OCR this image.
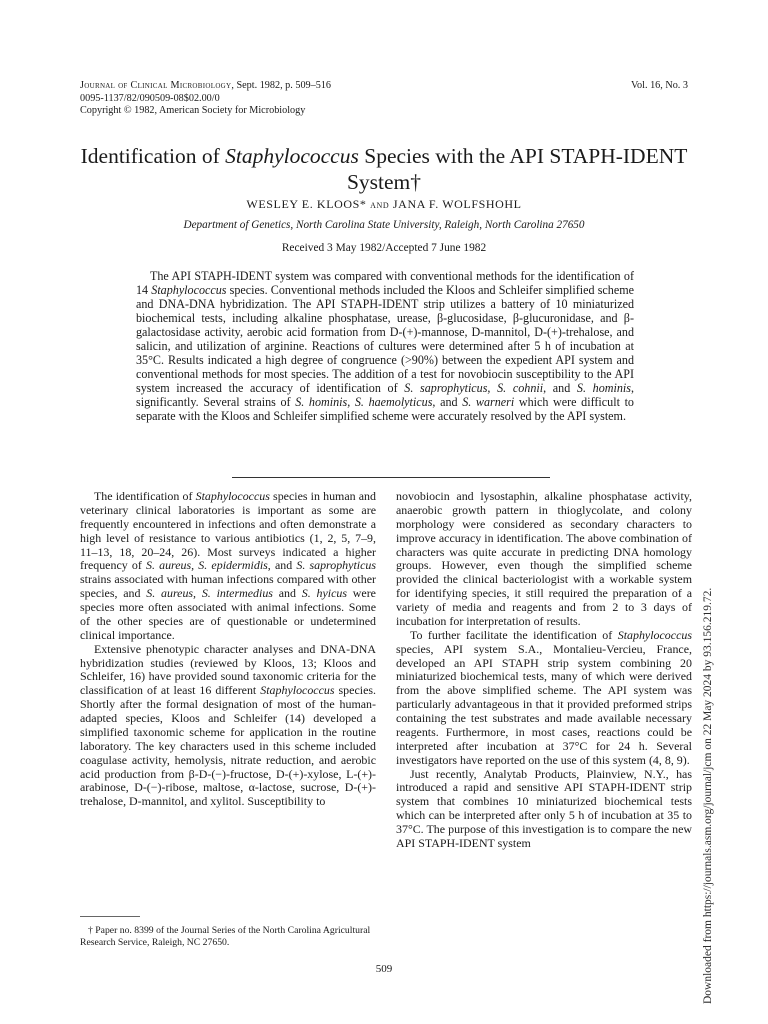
Journal of Clinical Microbiology, Sept. 1982, p. 509–516
0095-1137/82/090509-08$02.00/0
Copyright © 1982, American Society for Microbiology
Vol. 16, No. 3
Identification of Staphylococcus Species with the API STAPH-IDENT System†
WESLEY E. KLOOS* and JANA F. WOLFSHOHL
Department of Genetics, North Carolina State University, Raleigh, North Carolina 27650
Received 3 May 1982/Accepted 7 June 1982

The API STAPH-IDENT system was compared with conventional methods for the identification of 14 Staphylococcus species. Conventional methods included the Kloos and Schleifer simplified scheme and DNA-DNA hybridization. The API STAPH-IDENT strip utilizes a battery of 10 miniaturized biochemical tests, including alkaline phosphatase, urease, β-glucosidase, β-glucuronidase, and β-galactosidase activity, aerobic acid formation from D-(+)-mannose, D-mannitol, D-(+)-trehalose, and salicin, and utilization of arginine. Reactions of cultures were determined after 5 h of incubation at 35°C. Results indicated a high degree of congruence (>90%) between the expedient API system and conventional methods for most species. The addition of a test for novobiocin susceptibility to the API system increased the accuracy of identification of S. saprophyticus, S. cohnii, and S. hominis, significantly. Several strains of S. hominis, S. haemolyticus, and S. warneri which were difficult to separate with the Kloos and Schleifer simplified scheme were accurately resolved by the API system.

The identification of Staphylococcus species in human and veterinary clinical laboratories is important as some are frequently encountered in infections and often demonstrate a high level of resistance to various antibiotics (1, 2, 5, 7–9, 11–13, 18, 20–24, 26). Most surveys indicated a higher frequency of S. aureus, S. epidermidis, and S. saprophyticus strains associated with human infections compared with other species, and S. aureus, S. intermedius and S. hyicus were species more often associated with animal infections. Some of the other species are of questionable or undetermined clinical importance.

Extensive phenotypic character analyses and DNA-DNA hybridization studies (reviewed by Kloos, 13; Kloos and Schleifer, 16) have provided sound taxonomic criteria for the classification of at least 16 different Staphylococcus species. Shortly after the formal designation of most of the human-adapted species, Kloos and Schleifer (14) developed a simplified taxonomic scheme for application in the routine laboratory. The key characters used in this scheme included coagulase activity, hemolysis, nitrate reduction, and aerobic acid production from β-D-(−)-fructose, D-(+)-xylose, L-(+)-arabinose, D-(−)-ribose, maltose, α-lactose, sucrose, D-(+)-trehalose, D-mannitol, and xylitol. Susceptibility to

novobiocin and lysostaphin, alkaline phosphatase activity, anaerobic growth pattern in thioglycolate, and colony morphology were considered as secondary characters to improve accuracy in identification. The above combination of characters was quite accurate in predicting DNA homology groups. However, even though the simplified scheme provided the clinical bacteriologist with a workable system for identifying species, it still required the preparation of a variety of media and reagents and from 2 to 3 days of incubation for interpretation of results.

To further facilitate the identification of Staphylococcus species, API system S.A., Montalieu-Vercieu, France, developed an API STAPH strip system combining 20 miniaturized biochemical tests, many of which were derived from the above simplified scheme. The API system was particularly advantageous in that it provided preformed strips containing the test substrates and made available necessary reagents. Furthermore, in most cases, reactions could be interpreted after incubation at 37°C for 24 h. Several investigators have reported on the use of this system (4, 8, 9).

Just recently, Analytab Products, Plainview, N.Y., has introduced a rapid and sensitive API STAPH-IDENT strip system that combines 10 miniaturized biochemical tests which can be interpreted after only 5 h of incubation at 35 to 37°C. The purpose of this investigation is to compare the new API STAPH-IDENT system

† Paper no. 8399 of the Journal Series of the North Carolina Agricultural Research Service, Raleigh, NC 27650.

509	Downloaded from https://journals.asm.org/journal/jcm on 22 May 2024 by 93.156.219.72.
